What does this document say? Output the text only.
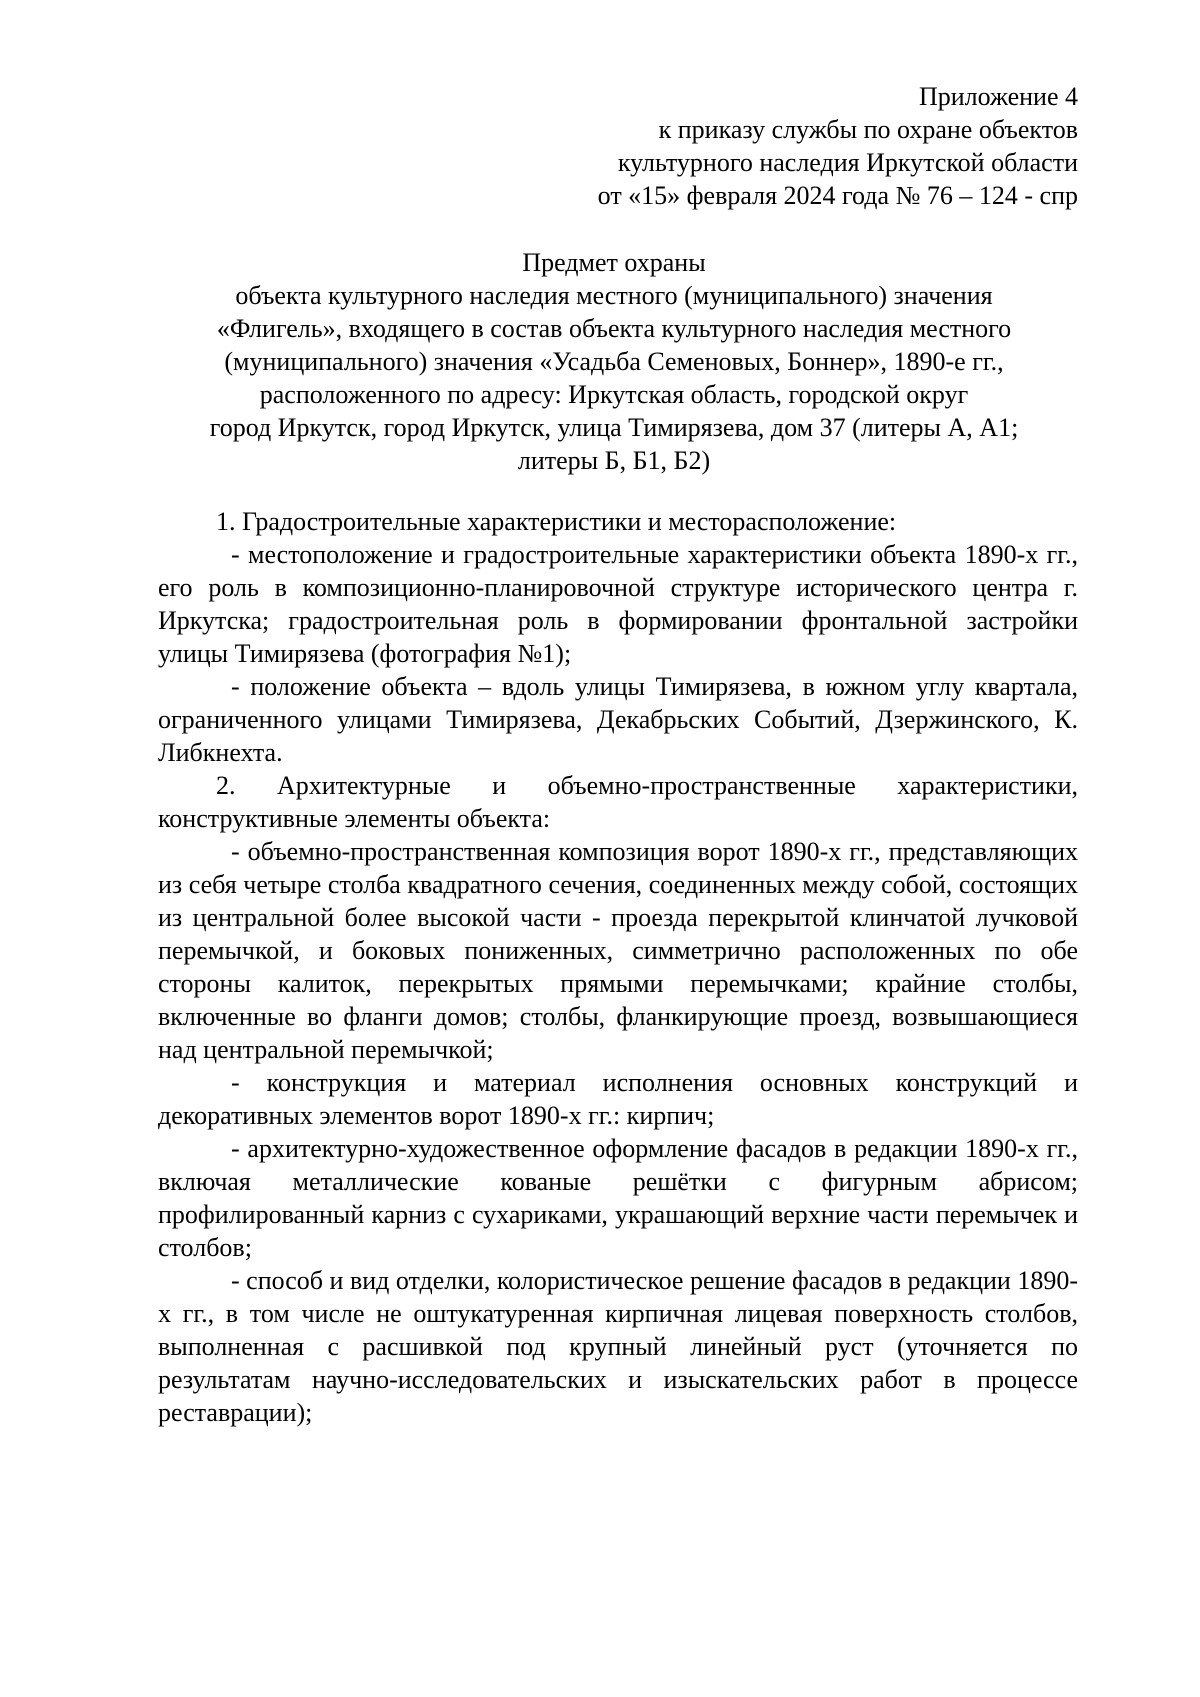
Приложение 4
к приказу службы по охране объектов
культурного наследия Иркутской области
от «15» февраля 2024 года № 76 – 124 - спр
Предмет охраны
объекта культурного наследия местного (муниципального) значения
«Флигель», входящего в состав объекта культурного наследия местного
(муниципального) значения «Усадьба Семеновых, Боннер», 1890-е гг.,
расположенного по адресу: Иркутская область, городской округ
город Иркутск, город Иркутск, улица Тимирязева, дом 37 (литеры А, А1;
литеры Б, Б1, Б2)

1. Градостроительные характеристики и месторасположение:

- местоположение и градостроительные характеристики объекта 1890-х гг., его роль в композиционно-планировочной структуре исторического центра г. Иркутска; градостроительная роль в формировании фронтальной застройки улицы Тимирязева (фотография №1);

- положение объекта – вдоль улицы Тимирязева, в южном углу квартала, ограниченного улицами Тимирязева, Декабрьских Событий, Дзержинского, К. Либкнехта.

2. Архитектурные и объемно-пространственные характеристики, конструктивные элементы объекта:

- объемно-пространственная композиция ворот 1890-х гг., представляющих из себя четыре столба квадратного сечения, соединенных между собой, состоящих из центральной более высокой части - проезда перекрытой клинчатой лучковой перемычкой, и боковых пониженных, симметрично расположенных по обе стороны калиток, перекрытых прямыми перемычками; крайние столбы, включенные во фланги домов; столбы, фланкирующие проезд, возвышающиеся над центральной перемычкой;

- конструкция и материал исполнения основных конструкций и декоративных элементов ворот 1890-х гг.: кирпич;

- архитектурно-художественное оформление фасадов в редакции 1890-х гг., включая металлические кованые решётки с фигурным абрисом; профилированный карниз с сухариками, украшающий верхние части перемычек и столбов;

- способ и вид отделки, колористическое решение фасадов в редакции 1890-х гг., в том числе не оштукатуренная кирпичная лицевая поверхность столбов, выполненная с расшивкой под крупный линейный руст (уточняется по результатам научно-исследовательских и изыскательских работ в процессе реставрации);
